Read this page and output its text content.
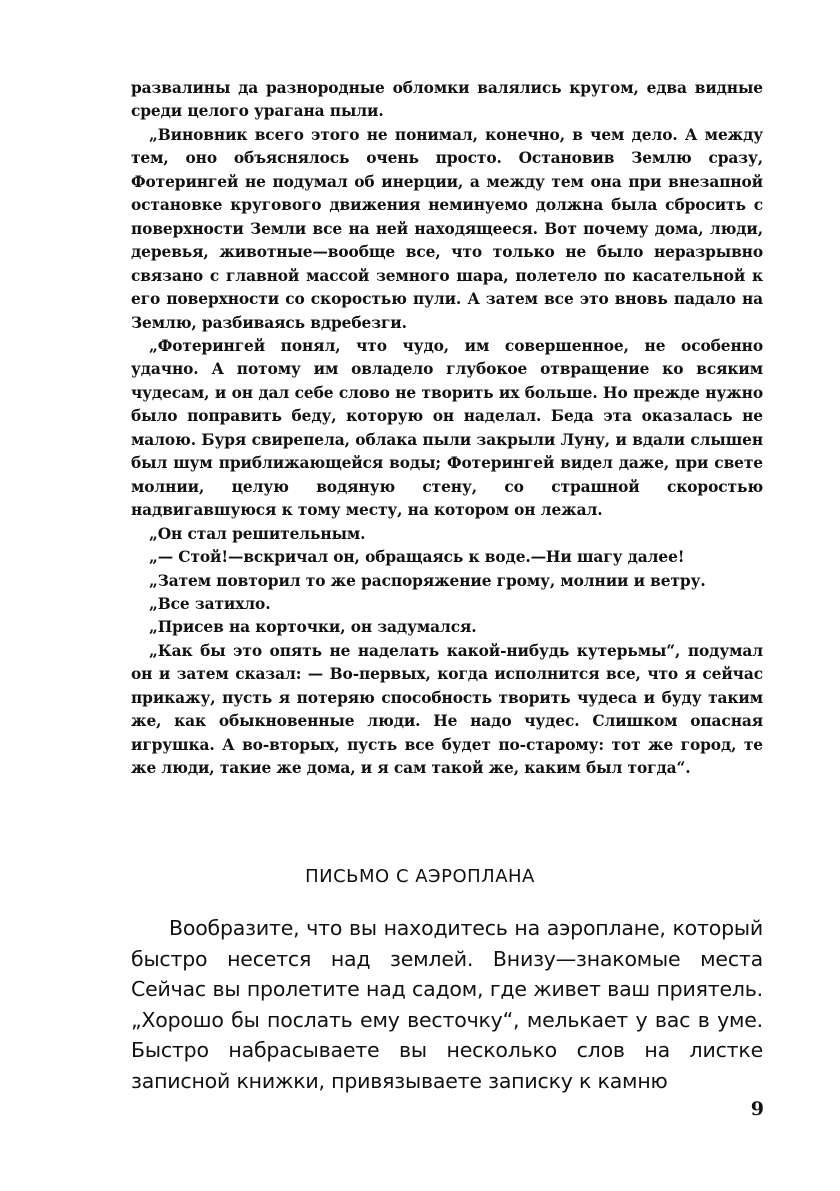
развалины да разнородные обломки валялись кругом, едва видные среди целого урагана пыли.

„Виновник всего этого не понимал, конечно, в чем дело. А между тем, оно объяснялось очень просто. Остановив Землю сразу, Фотерингей не подумал об инерции, а между тем она при внезапной остановке кругового движения неминуемо должна была сбросить с поверхности Земли все на ней находящееся. Вот почему дома, люди, деревья, животные—вообще все, что только не было неразрывно связано с главной массой земного шара, полетело по касательной к его поверхности со скоростью пули. А затем все это вновь падало на Землю, разбиваясь вдребезги.

„Фотерингей понял, что чудо, им совершенное, не особенно удачно. А потому им овладело глубокое отвращение ко всяким чудесам, и он дал себе слово не творить их больше. Но прежде нужно было поправить беду, которую он наделал. Беда эта оказалась не малою. Буря свирепела, облака пыли закрыли Луну, и вдали слышен был шум приближающейся воды; Фотерингей видел даже, при свете молнии, целую водяную стену, со страшной скоростью надвигавшуюся к тому месту, на котором он лежал.

„Он стал решительным.

„— Стой!—вскричал он, обращаясь к воде.—Ни шагу далее!

„Затем повторил то же распоряжение грому, молнии и ветру.

„Все затихло.

„Присев на корточки, он задумался.

„Как бы это опять не наделать какой-нибудь кутерьмы“, подумал он и затем сказал: — Во-первых, когда исполнится все, что я сейчас прикажу, пусть я потеряю способность творить чудеса и буду таким же, как обыкновенные люди. Не надо чудес. Слишком опасная игрушка. А во-вторых, пусть все будет по-старому: тот же город, те же люди, такие же дома, и я сам такой же, каким был тогда“.

ПИСЬМО С АЭРОПЛАНА

Вообразите, что вы находитесь на аэроплане, который быстро несется над землей. Внизу—знакомые места Сейчас вы пролетите над садом, где живет ваш приятель. „Хорошо бы послать ему весточку“, мелькает у вас в уме. Быстро набрасываете вы несколько слов на листке записной книжки, привязываете записку к камню

9
